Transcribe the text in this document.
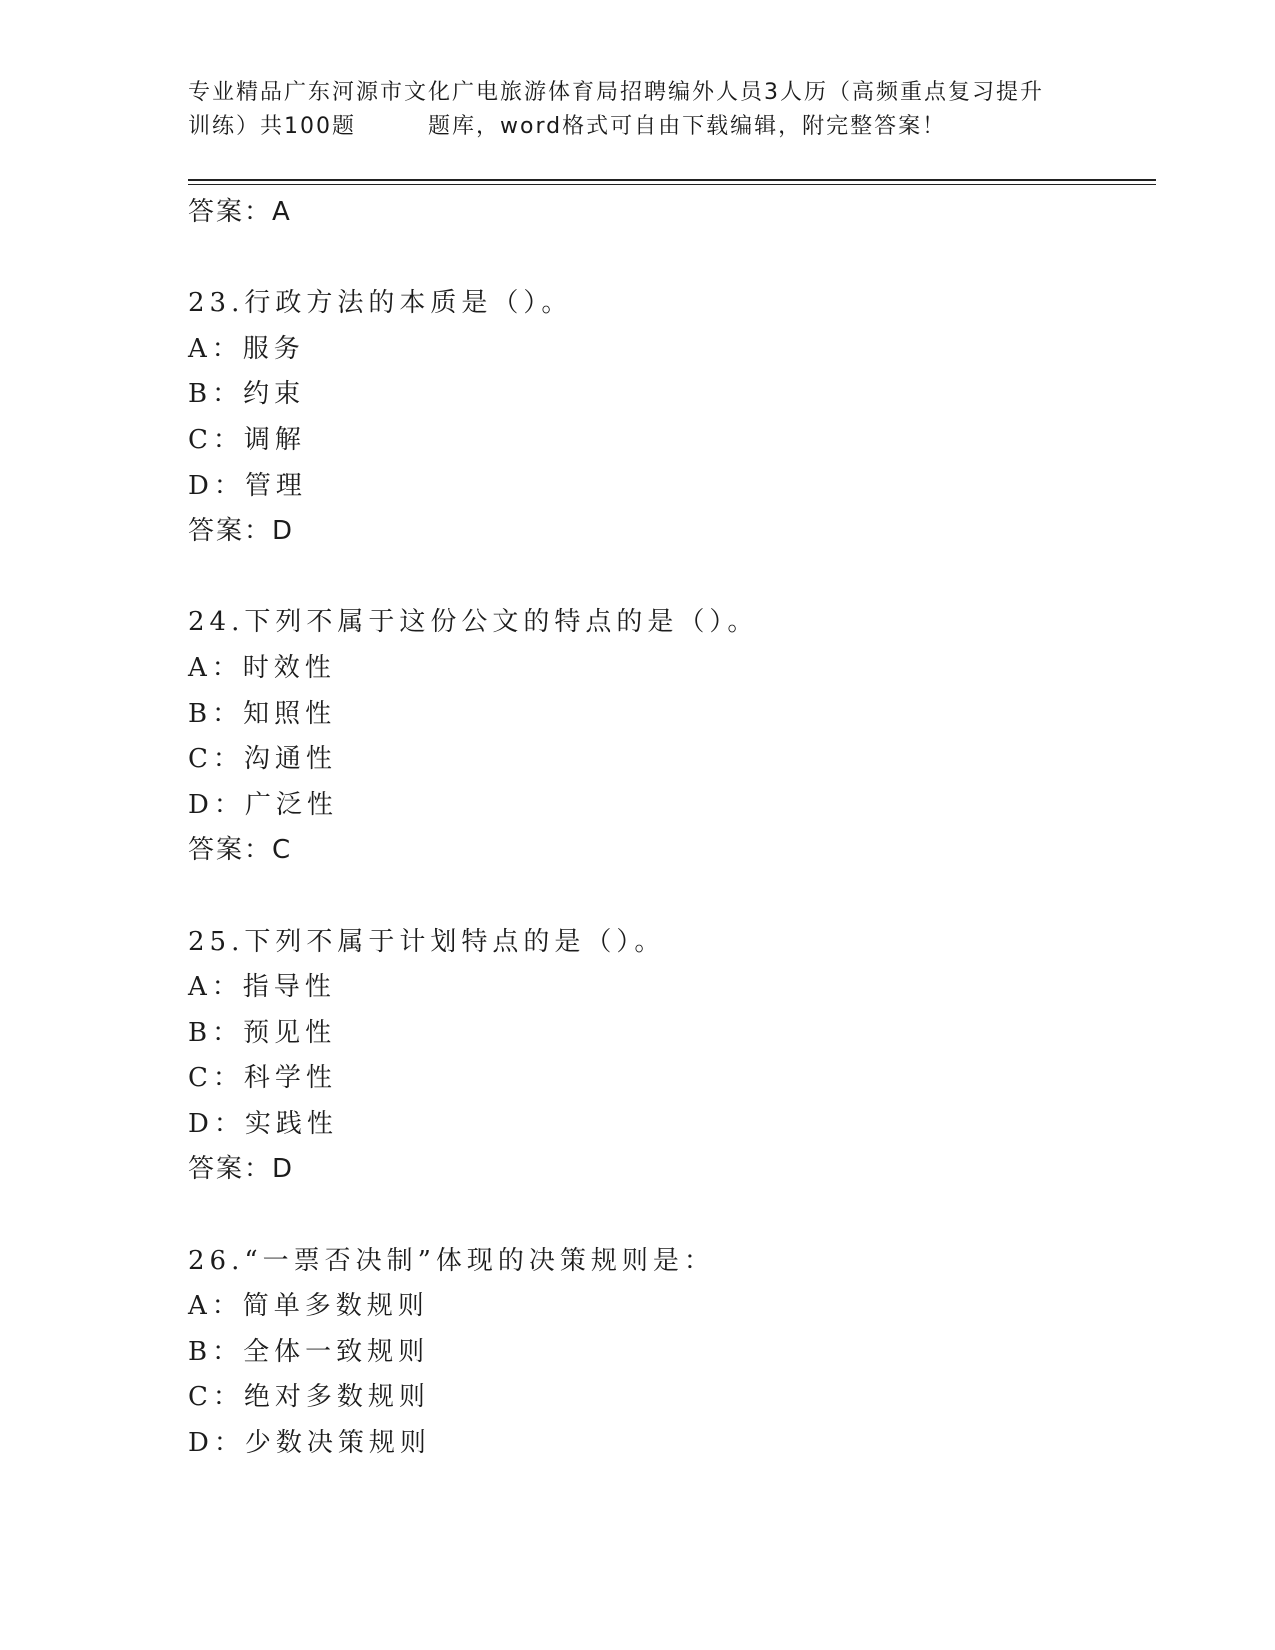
专业精品广东河源市文化广电旅游体育局招聘编外人员3人历（高频重点复习提升
训练）共100题　　　题库，word格式可自由下载编辑，附完整答案！
答案：A
23.行政方法的本质是（）。
A：服务
B：约束
C：调解
D：管理
答案：D
24.下列不属于这份公文的特点的是（）。
A：时效性
B：知照性
C：沟通性
D：广泛性
答案：C
25.下列不属于计划特点的是（）。
A：指导性
B：预见性
C：科学性
D：实践性
答案：D
26.“一票否决制”体现的决策规则是：
A：简单多数规则
B：全体一致规则
C：绝对多数规则
D：少数决策规则
